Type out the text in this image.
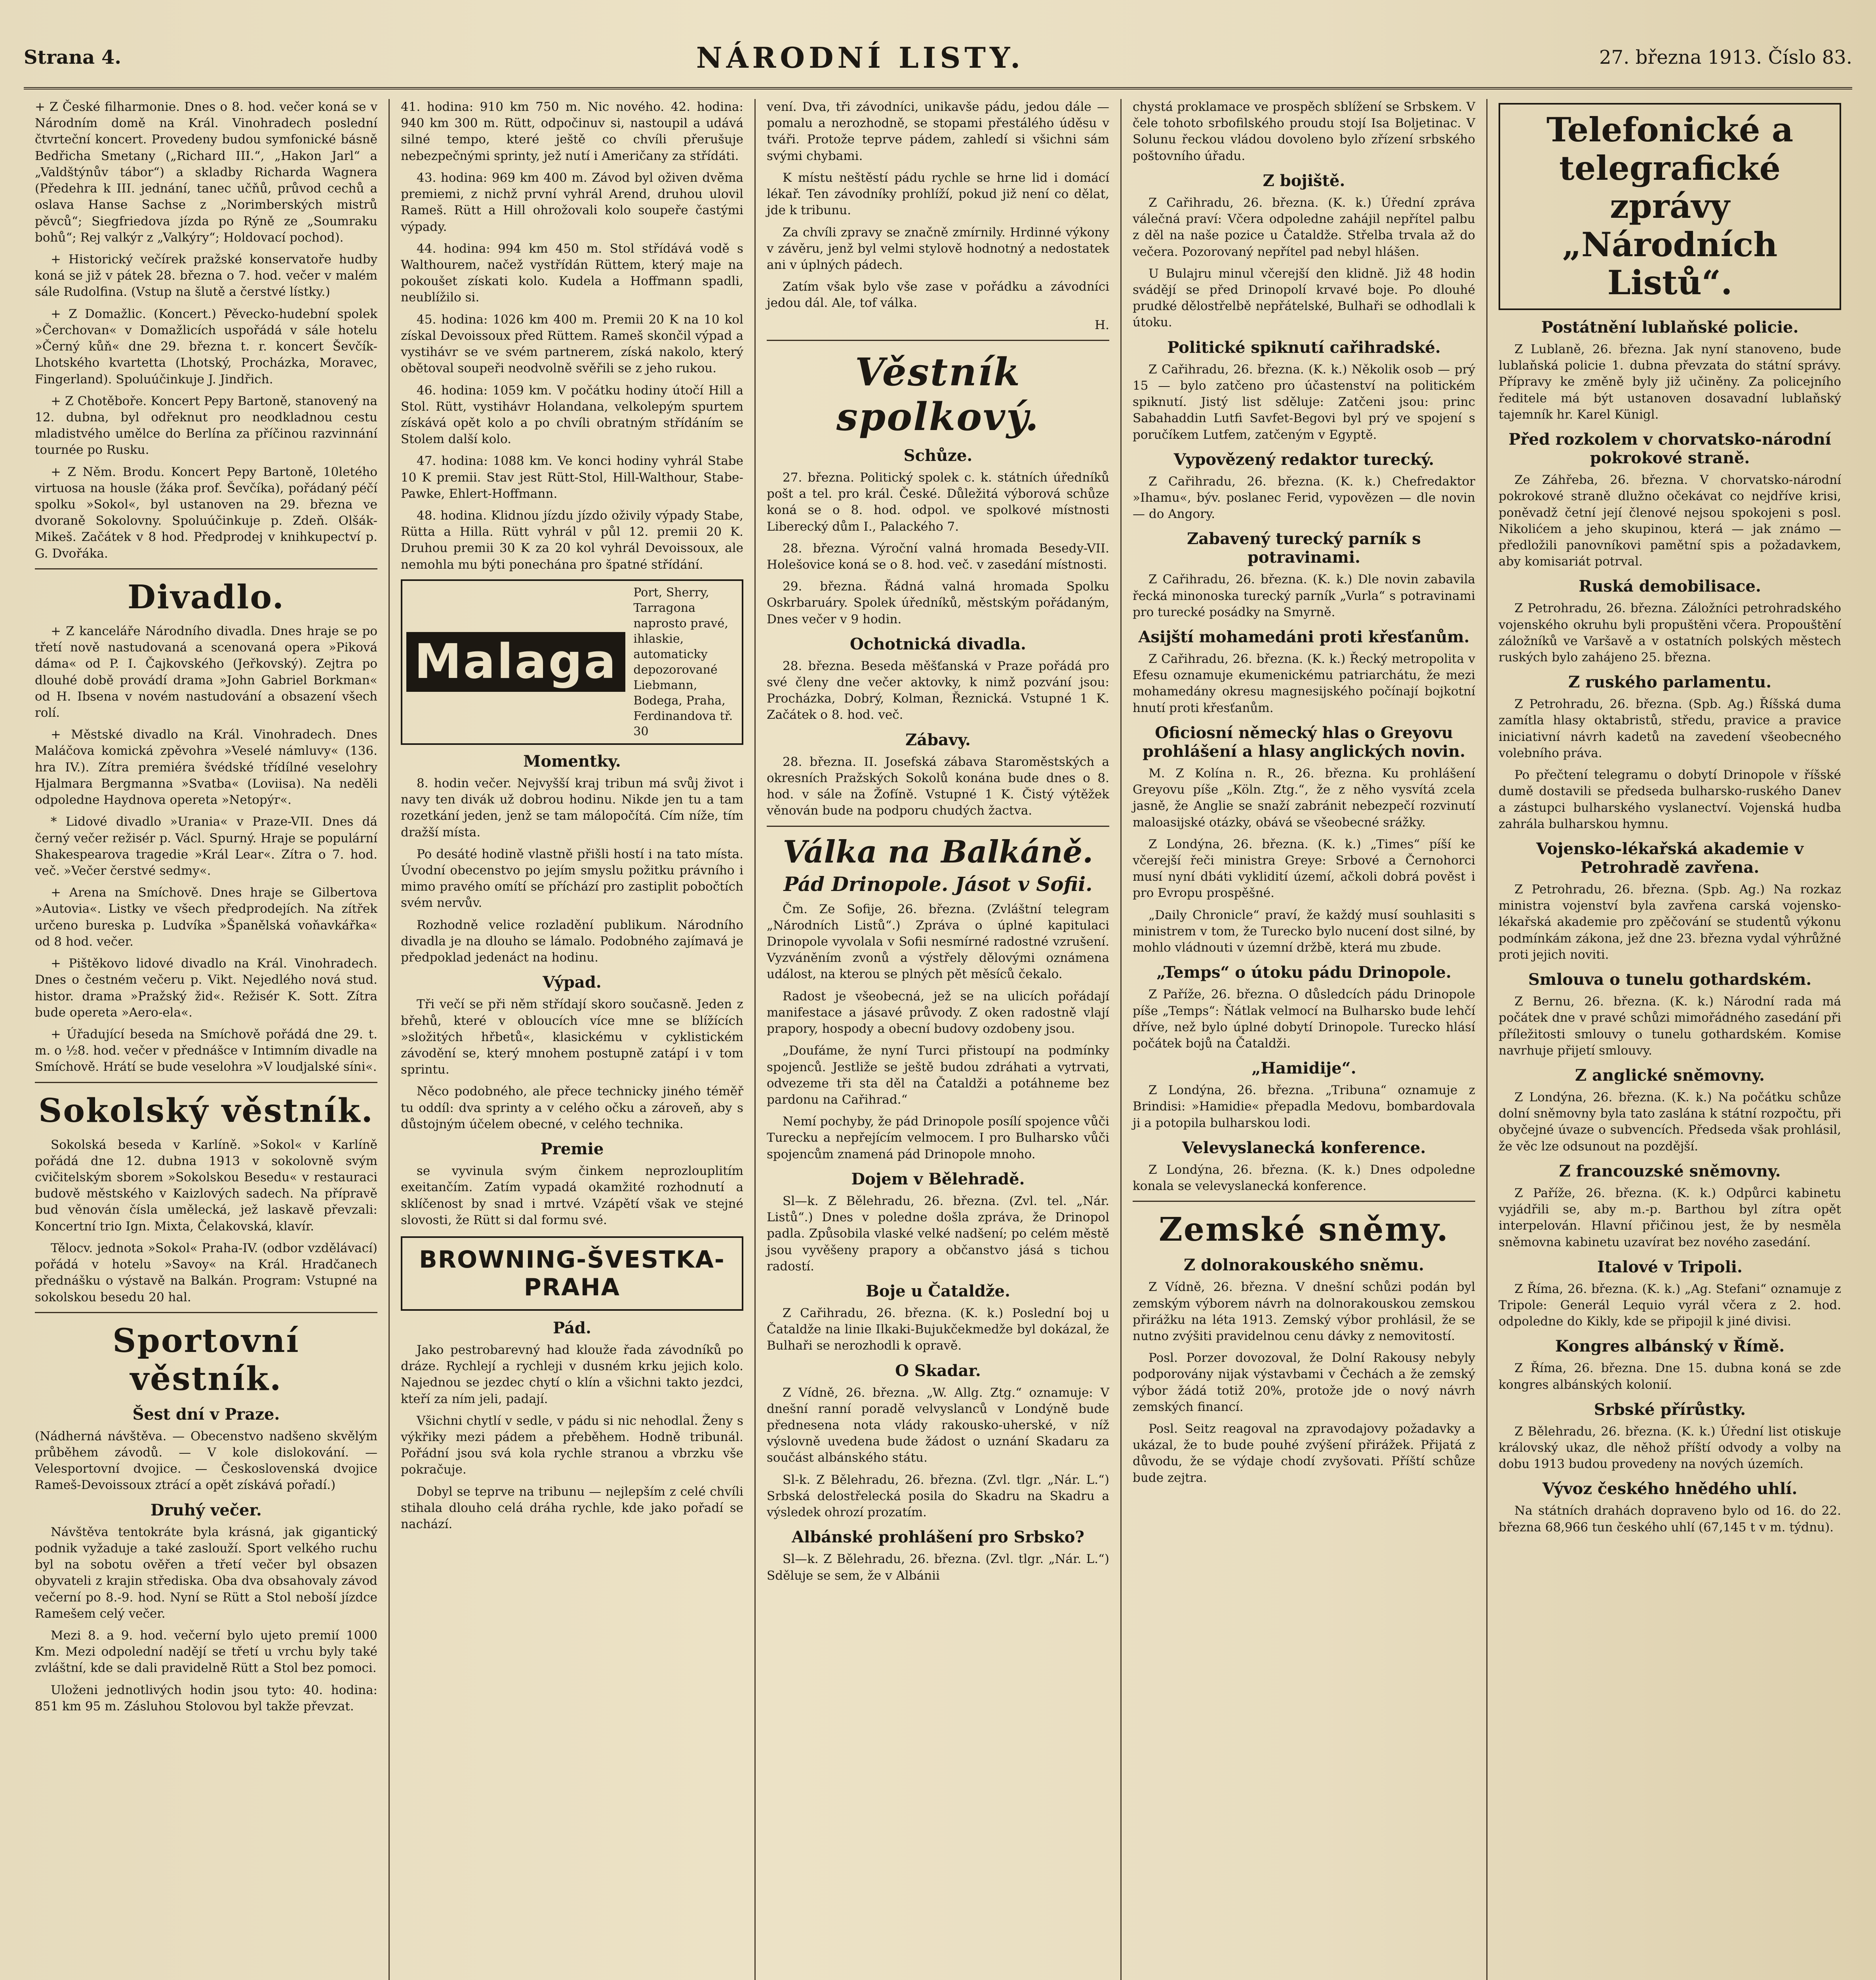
Strana 4.	NÁRODNÍ LISTY.	27. března 1913. Číslo 83.

+ Z České filharmonie. Dnes o 8. hod. večer koná se v Národním domě na Král. Vinohradech poslední čtvrteční koncert. Provedeny budou symfonické básně Bedřicha Smetany („Richard III.“, „Hakon Jarl“ a „Valdštýnův tábor“) a skladby Richarda Wagnera (Předehra k III. jednání, tanec učňů, průvod cechů a oslava Hanse Sachse z „Norimberských mistrů pěvců“; Siegfriedova jízda po Rýně ze „Soumraku bohů“; Rej valkýr z „Valkýry“; Holdovací pochod).

+ Historický večírek pražské konservatoře hudby koná se již v pátek 28. března o 7. hod. večer v malém sále Rudolfina. (Vstup na šlutě a čerstvé lístky.)

+ Z Domažlic. (Koncert.) Pěvecko-hudební spolek »Čerchovan« v Domažlicích uspořádá v sále hotelu »Černý kůň« dne 29. března t. r. koncert Ševčík-Lhotského kvartetta (Lhotský, Procházka, Moravec, Fingerland). Spoluúčinkuje J. Jindřich.

+ Z Chotěboře. Koncert Pepy Bartoně, stanovený na 12. dubna, byl odřeknut pro neodkladnou cestu mladistvého umělce do Berlína za příčinou razvinnání tournée po Rusku.

+ Z Něm. Brodu. Koncert Pepy Bartoně, 10letého virtuosa na housle (žáka prof. Ševčíka), pořádaný péčí spolku »Sokol«, byl ustanoven na 29. března ve dvoraně Sokolovny. Spoluúčinkuje p. Zdeň. Olšák-Mikeš. Začátek v 8 hod. Předprodej v knihkupectví p. G. Dvořáka.

Divadlo.

+ Z kanceláře Národního divadla. Dnes hraje se po třetí nově nastudovaná a scenovaná opera »Piková dáma« od P. I. Čajkovského (Jeřkovský). Zejtra po dlouhé době provádí drama »John Gabriel Borkman« od H. Ibsena v novém nastudování a obsazení všech rolí.

+ Městské divadlo na Král. Vinohradech. Dnes Maláčova komická zpěvohra »Veselé námluvy« (136. hra IV.). Zítra premiéra švédské třídílné veselohry Hjalmara Bergmanna »Svatba« (Loviisa). Na neděli odpoledne Haydnova opereta »Netopýr«.

* Lidové divadlo »Urania« v Praze-VII. Dnes dá černý večer režisér p. Václ. Spurný. Hraje se populární Shakespearova tragedie »Král Lear«. Zítra o 7. hod. več. »Večer čerstvé sedmy«.

+ Arena na Smíchově. Dnes hraje se Gilbertova »Autovia«. Listky ve všech předprodejích. Na zítřek určeno bureska p. Ludvíka »Španělská voňavkářka« od 8 hod. večer.

+ Pištěkovo lidové divadlo na Král. Vinohradech. Dnes o čestném večeru p. Vikt. Nejedlého nová stud. histor. drama »Pražský žid«. Režisér K. Sott. Zítra bude opereta »Aero-ela«.

+ Úřadující beseda na Smíchově pořádá dne 29. t. m. o ½8. hod. večer v přednášce v Intimním divadle na Smíchově. Hrátí se bude veselohra »V loudjalské síni«.

Sokolský věstník.

Sokolská beseda v Karlíně. »Sokol« v Karlíně pořádá dne 12. dubna 1913 v sokolovně svým cvičitelským sborem »Sokolskou Besedu« v restauraci budově městského v Kaizlových sadech. Na přípravě bud věnován čísla umělecká, jež laskavě převzali: Koncertní trio Ign. Mixta, Čelakovská, klavír.

Tělocv. jednota »Sokol« Praha-IV. (odbor vzdělávací) pořádá v hotelu »Savoy« na Král. Hradčanech přednášku o výstavě na Balkán. Program: Vstupné na sokolskou besedu 20 hal.

Sportovní věstník.
Šest dní v Praze.

(Nádherná návštěva. — Obecenstvo nadšeno skvělým průběhem závodů. — V kole dislokování. — Velesportovní dvojice. — Československá dvojice Rameš-Devoissoux ztrácí a opět získává pořadí.)

Druhý večer.

Návštěva tentokráte byla krásná, jak gigantický podnik vyžaduje a také zaslouží. Sport velkého ruchu byl na sobotu ověřen a třetí večer byl obsazen obyvateli z krajin střediska. Oba dva obsahovaly závod večerní po 8.-9. hod. Nyní se Rütt a Stol neboší jízdce Ramešem celý večer.

Mezi 8. a 9. hod. večerní bylo ujeto premií 1000 Km. Mezi odpolední nadějí se třetí u vrchu byly také zvláštní, kde se dali pravidelně Rütt a Stol bez pomoci.

Uloženi jednotlivých hodin jsou tyto: 40. hodina: 851 km 95 m. Zásluhou Stolovou byl takže převzat.

41. hodina: 910 km 750 m. Nic nového. 42. hodina: 940 km 300 m. Rütt, odpočinuv si, nastoupil a udává silné tempo, které ještě co chvíli přerušuje nebezpečnými sprinty, jež nutí i Američany za střídáti.

43. hodina: 969 km 400 m. Závod byl oživen dvěma premiemi, z nichž první vyhrál Arend, druhou ulovil Rameš. Rütt a Hill ohrožovali kolo soupeře častými výpady.

44. hodina: 994 km 450 m. Stol střídává vodě s Walthourem, načež vystřídán Rüttem, který maje na pokoušet získati kolo. Kudela a Hoffmann spadli, neublížilo si.

45. hodina: 1026 km 400 m. Premii 20 K na 10 kol získal Devoissoux před Rüttem. Rameš skončil výpad a vystihávr se ve svém partnerem, získá nakolo, který obětoval soupeři neodvolně svěřili se z jeho rukou.

46. hodina: 1059 km. V počátku hodiny útočí Hill a Stol. Rütt, vystihávr Holandana, velkolepým spurtem získává opět kolo a po chvíli obratným střídáním se Stolem další kolo.

47. hodina: 1088 km. Ve konci hodiny vyhrál Stabe 10 K premii. Stav jest Rütt-Stol, Hill-Walthour, Stabe-Pawke, Ehlert-Hoffmann.

48. hodina. Klidnou jízdu jízdo oživily výpady Stabe, Rütta a Hilla. Rütt vyhrál v půl 12. premii 20 K. Druhou premii 30 K za 20 kol vyhrál Devoissoux, ale nemohla mu býti ponechána pro špatné střídání.

Malaga
Port, Sherry, Tarragona naprosto pravé, ihlaskie, automaticky depozorované Liebmann, Bodega, Praha, Ferdinandova tř. 30
Momentky.

8. hodin večer. Nejvyšší kraj tribun má svůj život i navy ten divák už dobrou hodinu. Nikde jen tu a tam rozetkání jeden, jenž se tam málopočítá. Cím níže, tím dražší místa.

Po desáté hodině vlastně přišli hostí i na tato místa. Úvodní obecenstvo po jejím smyslu požitku právního i mimo pravého omítí se příchází pro zastiplit pobočtích svém nervův.

Rozhodně velice rozladění publikum. Národního divadla je na dlouho se lámalo. Podobného zajímavá je předpoklad jedenáct na hodinu.

Výpad.

Tři večí se při něm střídají skoro současně. Jeden z břehů, které v obloucích více mne se blížících »složitých hřbetů«, klasickému v cyklistickém závodění se, který mnohem postupně zatápí i v tom sprintu.

Něco podobného, ale přece technicky jiného téměř tu oddíl: dva sprinty a v celého očku a zároveň, aby s důstojným účelem obecné, v celého technika.

Premie

se vyvinula svým činkem neprozlouplitím exeitančím. Zatím vypadá okamžité rozhodnutí a sklíčenost by snad i mrtvé. Vzápětí však ve stejné slovosti, že Rütt si dal formu své.

BROWNING-ŠVESTKA-PRAHA
Pád.

Jako pestrobarevný had klouže řada závodníků po dráze. Rychlejí a rychleji v dusném krku jejich kolo. Najednou se jezdec chytí o klín a všichni takto jezdci, kteří za ním jeli, padají.

Všichni chytlí v sedle, v pádu si nic nehodlal. Ženy s výkřiky mezi pádem a přeběhem. Hodně tribunál. Pořádní jsou svá kola rychle stranou a vbrzku vše pokračuje.

Dobyl se teprve na tribunu — nejlepším z celé chvíli stihala dlouho celá dráha rychle, kde jako pořadí se nachází.

vení. Dva, tři závodníci, unikavše pádu, jedou dále — pomalu a nerozhodně, se stopami přestálého úděsu v tváři. Protože teprve pádem, zahledí si všichni sám svými chybami.

K místu neštěstí pádu rychle se hrne lid i domácí lékař. Ten závodníky prohlíží, pokud již není co dělat, jde k tribunu.

Za chvíli zpravy se značně zmírnily. Hrdinné výkony v závěru, jenž byl velmi stylově hodnotný a nedostatek ani v úplných pádech.

Zatím však bylo vše zase v pořádku a závodníci jedou dál. Ale, tof válka.

H.

Věstník spolkový.
Schůze.

27. března. Politický spolek c. k. státních úředníků pošt a tel. pro král. České. Důležitá výborová schůze koná se o 8. hod. odpol. ve spolkové místnosti Liberecký dům I., Palackého 7.

28. března. Výroční valná hromada Besedy-VII. Holešovice koná se o 8. hod. več. v zasedání místnosti.

29. března. Řádná valná hromada Spolku Oskrbaruáry. Spolek úředníků, městským pořádaným, Dnes večer v 9 hodin.

Ochotnická divadla.

28. března. Beseda měšťanská v Praze pořádá pro své členy dne večer aktovky, k nimž pozvání jsou: Procházka, Dobrý, Kolman, Řeznická. Vstupné 1 K. Začátek o 8. hod. več.

Zábavy.

28. března. II. Josefská zábava Staroměstských a okresních Pražských Sokolů konána bude dnes o 8. hod. v sále na Žofíně. Vstupné 1 K. Čistý výtěžek věnován bude na podporu chudých žactva.

Válka na Balkáně.
Pád Drinopole. Jásot v Sofii.

Čm. Ze Sofije, 26. března. (Zvláštní telegram „Národních Listů“.) Zpráva o úplné kapitulaci Drinopole vyvolala v Sofii nesmírné radostné vzrušení. Vyzváněním zvonů a výstřely dělovými oznámena událost, na kterou se plných pět měsíců čekalo.

Radost je všeobecná, jež se na ulicích pořádají manifestace a jásavé průvody. Z oken radostně vlají prapory, hospody a obecní budovy ozdobeny jsou.

„Doufáme, že nyní Turci přistoupí na podmínky spojenců. Jestliže se ještě budou zdráhati a vytrvati, odvezeme tři sta děl na Čataldži a potáhneme bez pardonu na Cařihrad.“

Nemí pochyby, že pád Drinopole posílí spojence vůči Turecku a nepřejícím velmocem. I pro Bulharsko vůči spojencům znamená pád Drinopole mnoho.

Dojem v Bělehradě.

Sl—k. Z Bělehradu, 26. března. (Zvl. tel. „Nár. Listů“.) Dnes v poledne došla zpráva, že Drinopol padla. Způsobila vlaské velké nadšení; po celém městě jsou vyvěšeny prapory a občanstvo jásá s tichou radostí.

Boje u Čataldže.

Z Cařihradu, 26. března. (K. k.) Poslední boj u Čataldže na linie Ilkaki-Bujukčekmedže byl dokázal, že Bulhaři se nerozhodli k opravě.

O Skadar.

Z Vídně, 26. března. „W. Allg. Ztg.“ oznamuje: V dnešní ranní poradě velvyslanců v Londýně bude přednesena nota vlády rakousko-uherské, v níž výslovně uvedena bude žádost o uznání Skadaru za součást albánského státu.

Sl-k. Z Bělehradu, 26. března. (Zvl. tlgr. „Nár. L.“) Srbská delostřelecká posila do Skadru na Skadru a výsledek ohrozí prozatím.

Albánské prohlášení pro Srbsko?

Sl—k. Z Bělehradu, 26. března. (Zvl. tlgr. „Nár. L.“) Sděluje se sem, že v Albánii

chystá proklamace ve prospěch sblížení se Srbskem. V čele tohoto srbofilského proudu stojí Isa Boljetinac. V Solunu řeckou vládou dovoleno bylo zřízení srbského poštovního úřadu.

Z bojiště.

Z Cařihradu, 26. března. (K. k.) Úřední zpráva válečná praví: Včera odpoledne zahájil nepřítel palbu z děl na naše pozice u Čataldže. Střelba trvala až do večera. Pozorovaný nepřítel pad nebyl hlášen.

U Bulajru minul včerejší den klidně. Již 48 hodin svádějí se před Drinopolí krvavé boje. Po dlouhé prudké dělostřelbě nepřátelské, Bulhaři se odhodlali k útoku.

Politické spiknutí cařihradské.

Z Cařihradu, 26. března. (K. k.) Několik osob — prý 15 — bylo zatčeno pro účastenství na politickém spiknutí. Jistý list sděluje: Zatčeni jsou: princ Sabahaddin Lutfi Savfet-Begovi byl prý ve spojení s poručíkem Lutfem, zatčeným v Egyptě.

Vypovězený redaktor turecký.

Z Cařihradu, 26. března. (K. k.) Chefredaktor »Ihamu«, býv. poslanec Ferid, vypovězen — dle novin — do Angory.

Zabavený turecký parník s potravinami.

Z Cařihradu, 26. března. (K. k.) Dle novin zabavila řecká minonoska turecký parník „Vurla“ s potravinami pro turecké posádky na Smyrně.

Asijští mohamedáni proti křesťanům.

Z Cařihradu, 26. března. (K. k.) Řecký metropolita v Efesu oznamuje ekumenickému patriarchátu, že mezi mohamedány okresu magnesijského počínají bojkotní hnutí proti křesťanům.

Oficiosní německý hlas o Greyovu prohlášení a hlasy anglických novin.

M. Z Kolína n. R., 26. března. Ku prohlášení Greyovu píše „Köln. Ztg.“, že z něho vysvítá zcela jasně, že Anglie se snaží zabránit nebezpečí rozvinutí maloasijské otázky, obává se všeobecné srážky.

Z Londýna, 26. března. (K. k.) „Times“ píší ke včerejší řeči ministra Greye: Srbové a Černohorci musí nyní dbáti vyklidití území, ačkoli dobrá pověst i pro Evropu prospěšné.

„Daily Chronicle“ praví, že každý musí souhlasiti s ministrem v tom, že Turecko bylo nucení dost silné, by mohlo vládnouti v územní držbě, která mu zbude.

„Temps“ o útoku pádu Drinopole.

Z Paříže, 26. března. O důsledcích pádu Drinopole píše „Temps“: Ňátlak velmocí na Bulharsko bude lehčí dříve, než bylo úplné dobytí Drinopole. Turecko hlásí počátek bojů na Čataldži.

„Hamidije“.

Z Londýna, 26. března. „Tribuna“ oznamuje z Brindisi: »Hamidie« přepadla Medovu, bombardovala ji a potopila bulharskou lodi.

Velevyslanecká konference.

Z Londýna, 26. března. (K. k.) Dnes odpoledne konala se velevyslanecká konference.

Zemské sněmy.
Z dolnorakouského sněmu.

Z Vídně, 26. března. V dnešní schůzi podán byl zemským výborem návrh na dolnorakouskou zemskou přirážku na léta 1913. Zemský výbor prohlásil, že se nutno zvýšiti pravidelnou cenu dávky z nemovitostí.

Posl. Porzer dovozoval, že Dolní Rakousy nebyly podporovány nijak výstavbami v Čechách a že zemský výbor žádá totiž 20%, protože jde o nový návrh zemských financí.

Posl. Seitz reagoval na zpravodajovy požadavky a ukázal, že to bude pouhé zvýšení přirážek. Přijatá z důvodu, že se výdaje chodí zvyšovati. Příští schůze bude zejtra.

Telefonické a telegrafické zprávy „Národních Listů“.
Postátnění lublaňské policie.

Z Lublaně, 26. března. Jak nyní stanoveno, bude lublaňská policie 1. dubna převzata do státní správy. Přípravy ke změně byly již učiněny. Za policejního ředitele má být ustanoven dosavadní lublaňský tajemník hr. Karel Künigl.

Před rozkolem v chorvatsko-národní pokrokové straně.

Ze Záhřeba, 26. března. V chorvatsko-národní pokrokové straně dlužno očekávat co nejdříve krisi, poněvadž četní její členové nejsou spokojeni s posl. Nikolićem a jeho skupinou, která — jak známo — předložili panovníkovi pamětní spis a požadavkem, aby komisariát potrval.

Ruská demobilisace.

Z Petrohradu, 26. března. Záložníci petrohradského vojenského okruhu byli propuštěni včera. Propouštění záložníků ve Varšavě a v ostatních polských městech ruských bylo zahájeno 25. března.

Z ruského parlamentu.

Z Petrohradu, 26. března. (Spb. Ag.) Říšská duma zamítla hlasy oktabristů, středu, pravice a pravice iniciativní návrh kadetů na zavedení všeobecného volebního práva.

Po přečtení telegramu o dobytí Drinopole v říšské dumě dostavili se předseda bulharsko-ruského Danev a zástupci bulharského vyslanectví. Vojenská hudba zahrála bulharskou hymnu.

Vojensko-lékařská akademie v Petrohradě zavřena.

Z Petrohradu, 26. března. (Spb. Ag.) Na rozkaz ministra vojenství byla zavřena carská vojensko-lékařská akademie pro zpěčování se studentů výkonu podmínkám zákona, jež dne 23. března vydal výhrůžné proti jejich noviti.

Smlouva o tunelu gothardském.

Z Bernu, 26. března. (K. k.) Národní rada má počátek dne v pravé schůzi mimořádného zasedání při příležitosti smlouvy o tunelu gothardském. Komise navrhuje přijetí smlouvy.

Z anglické sněmovny.

Z Londýna, 26. března. (K. k.) Na počátku schůze dolní sněmovny byla tato zaslána k státní rozpočtu, při obyčejné úvaze o subvencích. Předseda však prohlásil, že věc lze odsunout na pozdější.

Z francouzské sněmovny.

Z Paříže, 26. března. (K. k.) Odpůrci kabinetu vyjádřili se, aby m.-p. Barthou byl zítra opět interpelován. Hlavní přičinou jest, že by nesměla sněmovna kabinetu uzavírat bez nového zasedání.

Italové v Tripoli.

Z Říma, 26. března. (K. k.) „Ag. Stefani“ oznamuje z Tripole: Generál Lequio vyrál včera z 2. hod. odpoledne do Kikly, kde se připojil k jiné divisi.

Kongres albánský v Římě.

Z Říma, 26. března. Dne 15. dubna koná se zde kongres albánských kolonií.

Srbské přírůstky.

Z Bělehradu, 26. března. (K. k.) Úřední list otiskuje královský ukaz, dle něhož příští odvody a volby na dobu 1913 budou provedeny na nových územích.

Vývoz českého hnědého uhlí.

Na státních drahách dopraveno bylo od 16. do 22. března 68,966 tun českého uhlí (67,145 t v m. týdnu).
